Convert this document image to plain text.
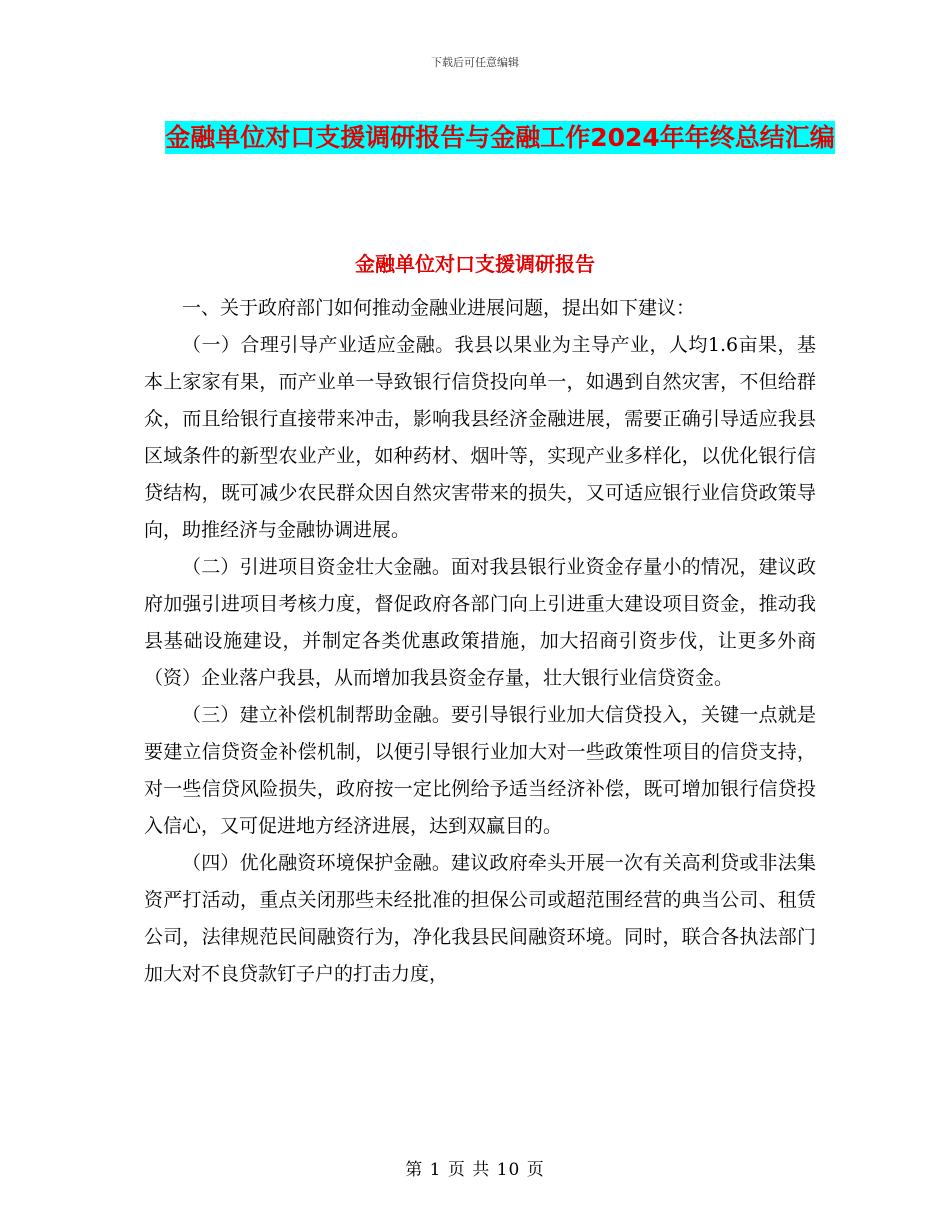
下载后可任意编辑
金融单位对口支援调研报告与金融工作2024年年终总结汇编
金融单位对口支援调研报告

一、关于政府部门如何推动金融业进展问题，提出如下建议：

（一）合理引导产业适应金融。我县以果业为主导产业，人均1.6亩果，基本上家家有果，而产业单一导致银行信贷投向单一，如遇到自然灾害，不但给群众，而且给银行直接带来冲击，影响我县经济金融进展，需要正确引导适应我县区域条件的新型农业产业，如种药材、烟叶等，实现产业多样化，以优化银行信贷结构，既可减少农民群众因自然灾害带来的损失，又可适应银行业信贷政策导向，助推经济与金融协调进展。

（二）引进项目资金壮大金融。面对我县银行业资金存量小的情况，建议政府加强引进项目考核力度，督促政府各部门向上引进重大建设项目资金，推动我县基础设施建设，并制定各类优惠政策措施，加大招商引资步伐，让更多外商（资）企业落户我县，从而增加我县资金存量，壮大银行业信贷资金。

（三）建立补偿机制帮助金融。要引导银行业加大信贷投入，关键一点就是要建立信贷资金补偿机制，以便引导银行业加大对一些政策性项目的信贷支持，对一些信贷风险损失，政府按一定比例给予适当经济补偿，既可增加银行信贷投入信心，又可促进地方经济进展，达到双赢目的。

（四）优化融资环境保护金融。建议政府牵头开展一次有关高利贷或非法集资严打活动，重点关闭那些未经批准的担保公司或超范围经营的典当公司、租赁公司，法律规范民间融资行为，净化我县民间融资环境。同时，联合各执法部门加大对不良贷款钉子户的打击力度，

第 1 页 共 10 页
